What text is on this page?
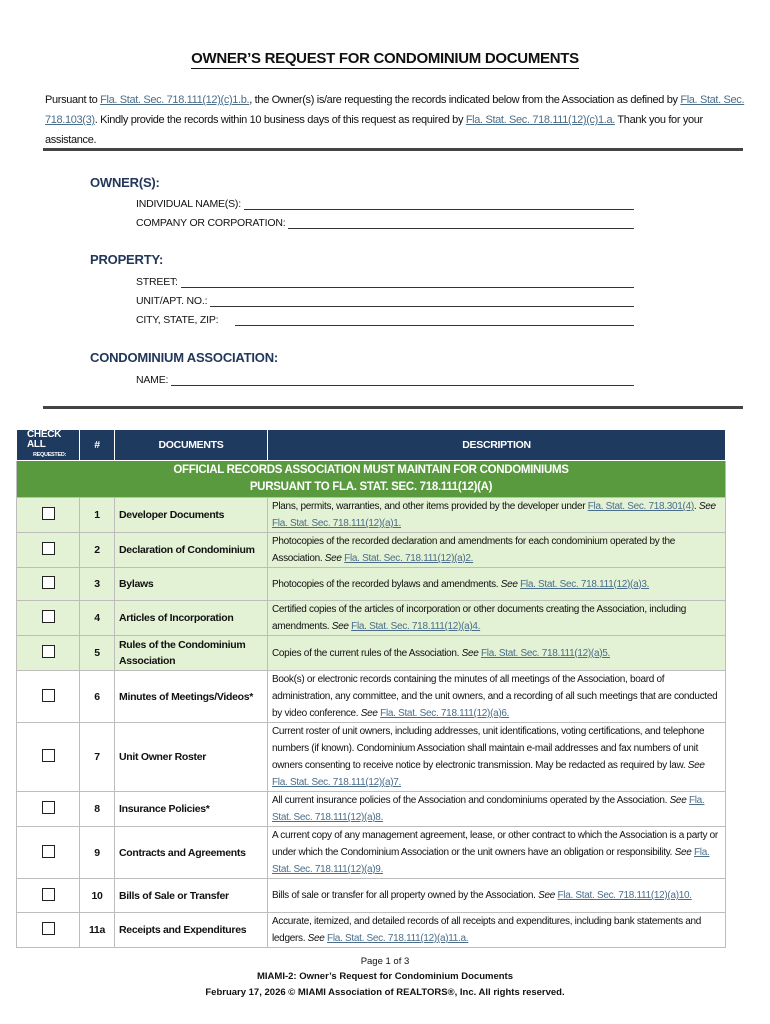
OWNER’S REQUEST FOR CONDOMINIUM DOCUMENTS
Pursuant to Fla. Stat. Sec. 718.111(12)(c)1.b., the Owner(s) is/are requesting the records indicated below from the Association as defined by Fla. Stat. Sec. 718.103(3). Kindly provide the records within 10 business days of this request as required by Fla. Stat. Sec. 718.111(12)(c)1.a. Thank you for your assistance.
OWNER(S):
INDIVIDUAL NAME(S):
COMPANY OR CORPORATION:
PROPERTY:
STREET:
UNIT/APT. NO.:
CITY, STATE, ZIP:
CONDOMINIUM ASSOCIATION:
NAME:
CHECK ALL
REQUESTED:	#	DOCUMENTS	DESCRIPTION

OFFICIAL RECORDS ASSOCIATION MUST MAINTAIN FOR CONDOMINIUMS
PURSUANT TO FLA. STAT. SEC. 718.111(12)(A)			

	1	Developer Documents	Plans, permits, warranties, and other items provided by the developer under Fla. Stat. Sec. 718.301(4). See Fla. Stat. Sec. 718.111(12)(a)1.
	2	Declaration of Condominium	Photocopies of the recorded declaration and amendments for each condominium operated by the Association. See Fla. Stat. Sec. 718.111(12)(a)2.
	3	Bylaws	Photocopies of the recorded bylaws and amendments. See Fla. Stat. Sec. 718.111(12)(a)3.
	4	Articles of Incorporation	Certified copies of the articles of incorporation or other documents creating the Association, including amendments. See Fla. Stat. Sec. 718.111(12)(a)4.
	5	Rules of the Condominium Association	Copies of the current rules of the Association. See Fla. Stat. Sec. 718.111(12)(a)5.
	6	Minutes of Meetings/Videos*	Book(s) or electronic records containing the minutes of all meetings of the Association, board of administration, any committee, and the unit owners, and a recording of all such meetings that are conducted by video conference. See Fla. Stat. Sec. 718.111(12)(a)6.
	7	Unit Owner Roster	Current roster of unit owners, including addresses, unit identifications, voting certifications, and telephone numbers (if known). Condominium Association shall maintain e-mail addresses and fax numbers of unit owners consenting to receive notice by electronic transmission. May be redacted as required by law. See Fla. Stat. Sec. 718.111(12)(a)7.
	8	Insurance Policies*	All current insurance policies of the Association and condominiums operated by the Association. See Fla. Stat. Sec. 718.111(12)(a)8.
	9	Contracts and Agreements	A current copy of any management agreement, lease, or other contract to which the Association is a party or under which the Condominium Association or the unit owners have an obligation or responsibility. See Fla. Stat. Sec. 718.111(12)(a)9.
	10	Bills of Sale or Transfer	Bills of sale or transfer for all property owned by the Association. See Fla. Stat. Sec. 718.111(12)(a)10.
	11a	Receipts and Expenditures	Accurate, itemized, and detailed records of all receipts and expenditures, including bank statements and ledgers. See Fla. Stat. Sec. 718.111(12)(a)11.a.
Page 1 of 3
MIAMI-2: Owner’s Request for Condominium Documents
February 17, 2026 © MIAMI Association of REALTORS®, Inc. All rights reserved.
